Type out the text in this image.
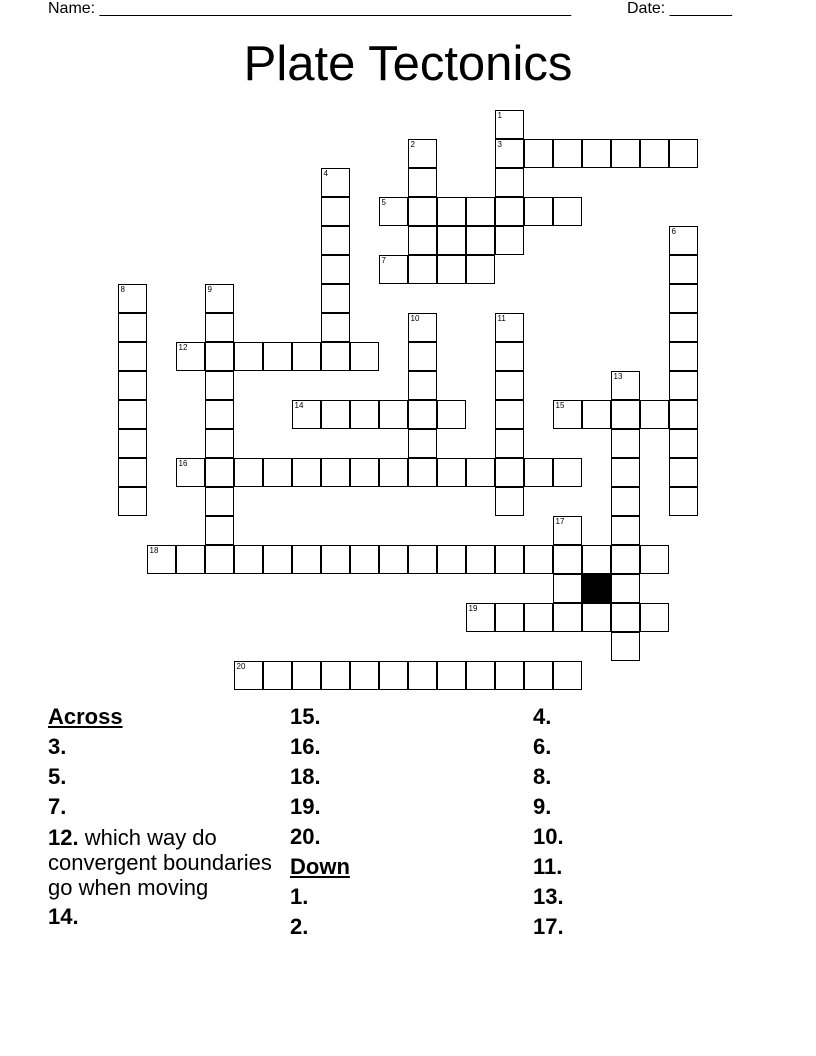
Name: _____________________________________________________	Date: _______
Plate Tectonics
1
2	3
4
5
6
7
8	9
10	11
12
13
14	15
16
17
18
19
20
Across
3.
5.
7.
12. which way do convergent boundaries go when moving
14.
15.
16.
18.
19.
20.
Down
1.
2.
4.
6.
8.
9.
10.
11.
13.
17.
